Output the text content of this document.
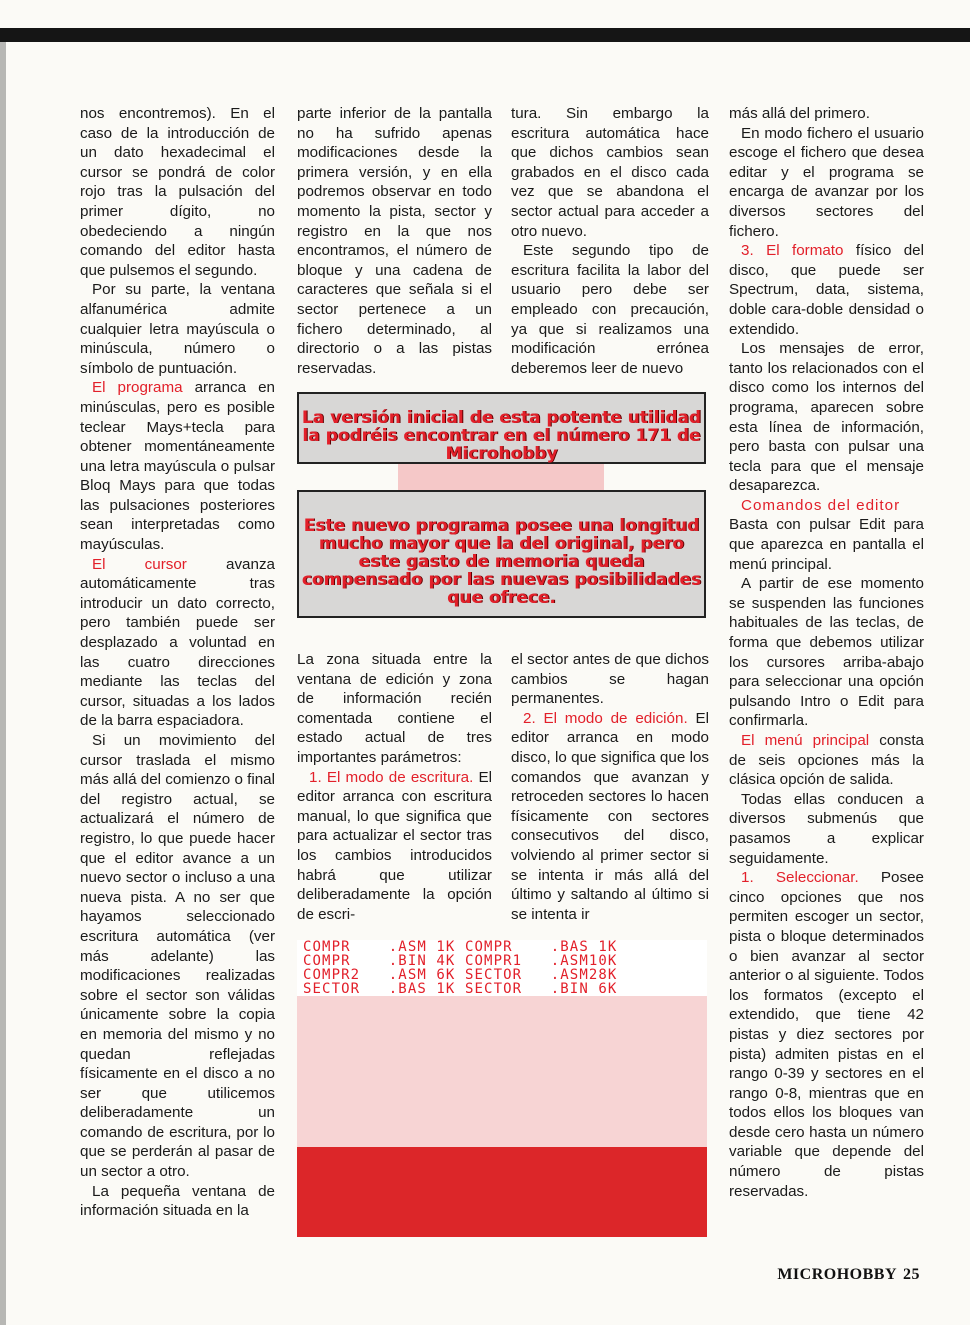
nos encontremos). En el caso de la introducción de un dato hexadecimal el cursor se pondrá de color rojo tras la pulsación del primer dígito, no obedeciendo a ningún comando del editor hasta que pulsemos el segundo.

Por su parte, la ventana alfanumérica admite cualquier letra mayúscula o minúscula, número o símbolo de puntuación.

El programa arranca en minúsculas, pero es posible teclear Mays+tecla para obtener momentáneamente una letra mayúscula o pulsar Bloq Mays para que todas las pulsaciones posteriores sean interpretadas como mayúsculas.

El cursor avanza automáticamente tras introducir un dato correcto, pero también puede ser desplazado a voluntad en las cuatro direcciones mediante las teclas del cursor, situadas a los lados de la barra espaciadora.

Si un movimiento del cursor traslada el mismo más allá del comienzo o final del registro actual, se actualizará el número de registro, lo que puede hacer que el editor avance a un nuevo sector o incluso a una nueva pista. A no ser que hayamos seleccionado escritura automática (ver más adelante) las modificaciones realizadas sobre el sector son válidas únicamente sobre la copia en memoria del mismo y no quedan reflejadas físicamente en el disco a no ser que utilicemos deliberadamente un comando de escritura, por lo que se perderán al pasar de un sector a otro.

La pequeña ventana de información situada en la

parte inferior de la pantalla no ha sufrido apenas modificaciones desde la primera versión, y en ella podremos observar en todo momento la pista, sector y registro en la que nos encontramos, el número de bloque y una cadena de caracteres que señala si el sector pertenece a un fichero determinado, al directorio o a las pistas reservadas.

tura. Sin embargo la escritura automática hace que dichos cambios sean grabados en el disco cada vez que se abandona el sector actual para acceder a otro nuevo.

Este segundo tipo de escritura facilita la labor del usuario pero debe ser empleado con precaución, ya que si realizamos una modificación errónea deberemos leer de nuevo

La versión inicial de esta potente utilidad la podréis encontrar en el número 171 de Microhobby
Este nuevo programa posee una longitud mucho mayor que la del original, pero este gasto de memoria queda compensado por las nuevas posibilidades que ofrece.

La zona situada entre la ventana de edición y zona de información recién comentada contiene el estado actual de tres importantes parámetros:

1. El modo de escritura. El editor arranca con escritura manual, lo que significa que para actualizar el sector tras los cambios introducidos habrá que utilizar deliberadamente la opción de escri-

el sector antes de que dichos cambios se hagan permanentes.

2. El modo de edición. El editor arranca en modo disco, lo que significa que los comandos que avanzan y retroceden sectores lo hacen físicamente con sectores consecutivos del disco, volviendo al primer sector si se intenta ir más allá del último y saltando al último si se intenta ir

más allá del primero.

En modo fichero el usuario escoge el fichero que desea editar y el programa se encarga de avanzar por los diversos sectores del fichero.

3. El formato físico del disco, que puede ser Spectrum, data, sistema, doble cara-doble densidad o extendido.

Los mensajes de error, tanto los relacionados con el disco como los internos del programa, aparecen sobre esta línea de información, pero basta con pulsar una tecla para que el mensaje desaparezca.

Comandos del editor

Basta con pulsar Edit para que aparezca en pantalla el menú principal.

A partir de ese momento se suspenden las funciones habituales de las teclas, de forma que debemos utilizar los cursores arriba-abajo para seleccionar una opción pulsando Intro o Edit para confirmarla.

El menú principal consta de seis opciones más la clásica opción de salida.

Todas ellas conducen a diversos submenús que pasamos a explicar seguidamente.

1. Seleccionar. Posee cinco opciones que nos permiten escoger un sector, pista o bloque determinados o bien avanzar al sector anterior o al siguiente. Todos los formatos (excepto el extendido, que tiene 42 pistas y diez sectores por pista) admiten pistas en el rango 0-39 y sectores en el rango 0-8, mientras que en todos ellos los bloques van desde cero hasta un número variable que depende del número de pistas reservadas.

COMPR    .ASM 1K COMPR    .BAS 1K
COMPR    .BIN 4K COMPR1   .ASM10K
COMPR2   .ASM 6K SECTOR   .ASM28K
SECTOR   .BAS 1K SECTOR   .BIN 6K
MICROHOBBY 25
